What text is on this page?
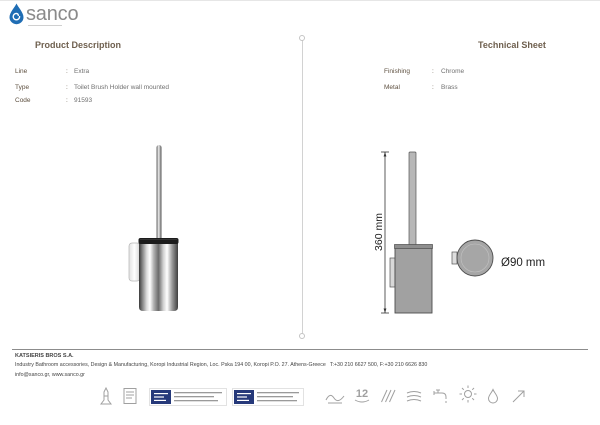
sanco
Product Description	Technical Sheet
Line	: Extra
Type	: Toilet Brush Holder wall mounted
Code	: 91593
Finishing	: Chrome
Metal	: Brass
360 mm
Ø90 mm
KATSIERIS BROS S.A.
Industry Bathroom accessories, Design & Manufacturing, Koropi Industrial Region, Loc. Pska 194 00, Koropi P.O. 27. Athens-Greece T:+30 210 6627 500, F:+30 210 6626 830
info@sanco.gr, www.sanco.gr
12
